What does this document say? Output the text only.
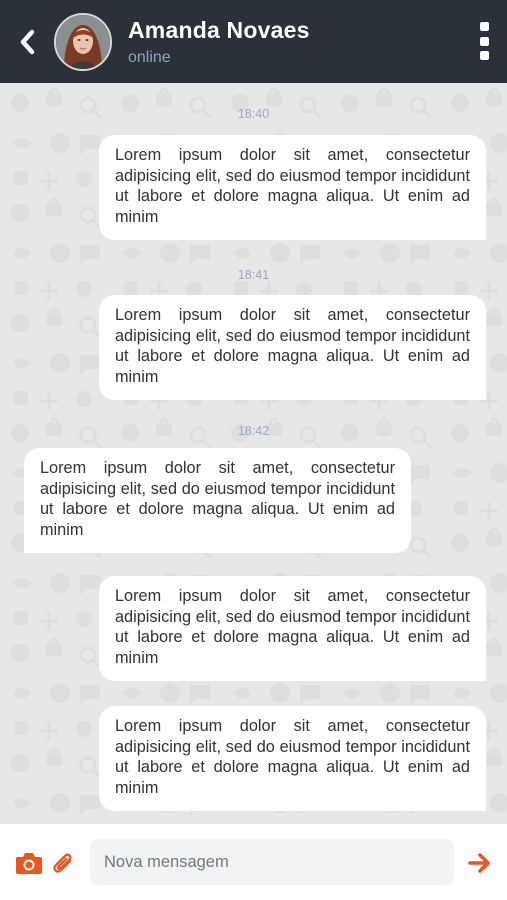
Amanda Novaes
online
18:40
Lorem ipsum dolor sit amet, consectetur adipisicing elit, sed do eiusmod tempor incididunt ut labore et dolore magna aliqua. Ut enim ad minim
18:41
Lorem ipsum dolor sit amet, consectetur adipisicing elit, sed do eiusmod tempor incididunt ut labore et dolore magna aliqua. Ut enim ad minim
18:42
Lorem ipsum dolor sit amet, consectetur adipisicing elit, sed do eiusmod tempor incididunt ut labore et dolore magna aliqua. Ut enim ad minim
Lorem ipsum dolor sit amet, consectetur adipisicing elit, sed do eiusmod tempor incididunt ut labore et dolore magna aliqua. Ut enim ad minim
Lorem ipsum dolor sit amet, consectetur adipisicing elit, sed do eiusmod tempor incididunt ut labore et dolore magna aliqua. Ut enim ad minim
Nova mensagem
